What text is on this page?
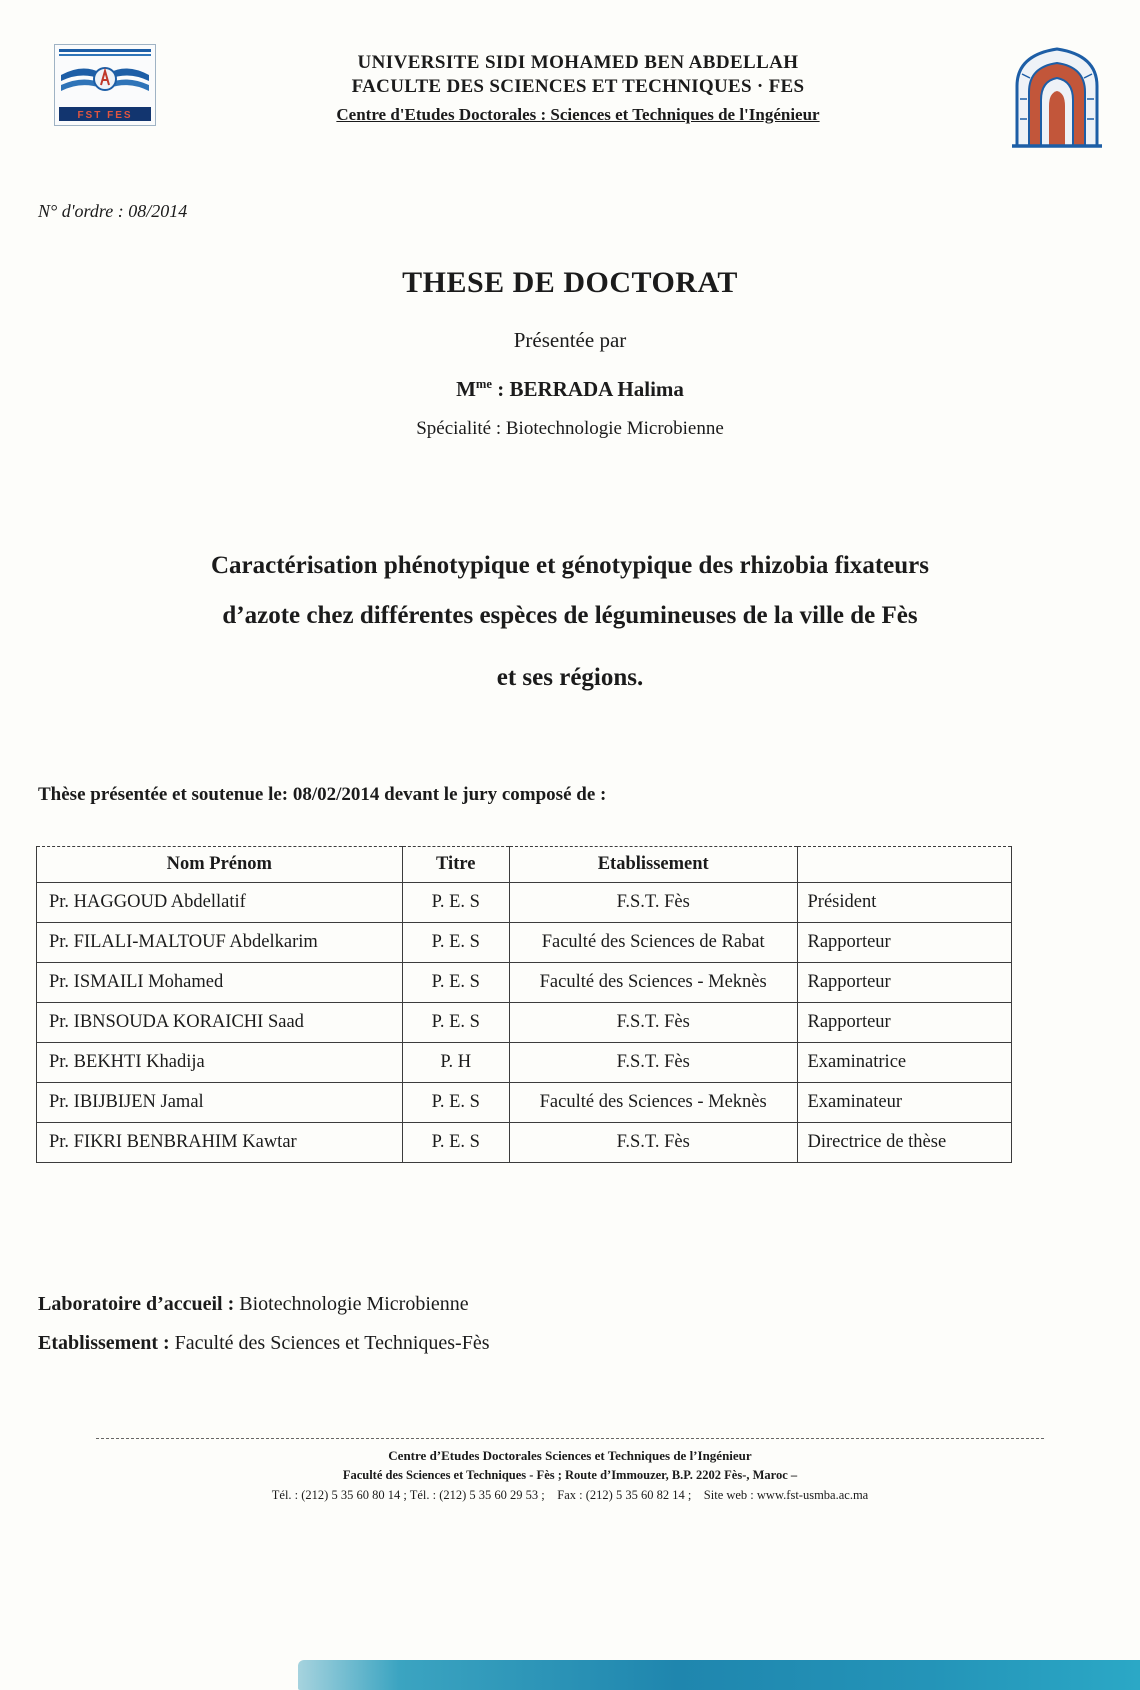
FST FES
UNIVERSITE SIDI MOHAMED BEN ABDELLAH
FACULTE DES SCIENCES ET TECHNIQUES · FES
Centre d'Etudes Doctorales : Sciences et Techniques de l'Ingénieur
N° d'ordre : 08/2014
THESE DE DOCTORAT
Présentée par
$M^{me}$ : BERRADA Halima
Spécialité : Biotechnologie Microbienne
Caractérisation phénotypique et génotypique des rhizobia fixateurs
d’azote chez différentes espèces de légumineuses de la ville de Fès
et ses régions.
Thèse présentée et soutenue le: 08/02/2014 devant le jury composé de :
Nom Prénom	Titre	Etablissement	
Pr. HAGGOUD Abdellatif	P. E. S	F.S.T. Fès	Président
Pr. FILALI-MALTOUF Abdelkarim	P. E. S	Faculté des Sciences de Rabat	Rapporteur
Pr. ISMAILI Mohamed	P. E. S	Faculté des Sciences - Meknès	Rapporteur
Pr. IBNSOUDA KORAICHI Saad	P. E. S	F.S.T. Fès	Rapporteur
Pr. BEKHTI Khadija	P. H	F.S.T. Fès	Examinatrice
Pr. IBIJBIJEN Jamal	P. E. S	Faculté des Sciences - Meknès	Examinateur
Pr. FIKRI BENBRAHIM Kawtar	P. E. S	F.S.T. Fès	Directrice de thèse
Laboratoire d’accueil : Biotechnologie Microbienne
Etablissement : Faculté des Sciences et Techniques-Fès
Centre d’Etudes Doctorales Sciences et Techniques de l’Ingénieur
Faculté des Sciences et Techniques - Fès ; Route d’Immouzer, B.P. 2202 Fès-, Maroc –
Tél. : (212) 5 35 60 80 14 ; Tél. : (212) 5 35 60 29 53 ;    Fax : (212) 5 35 60 82 14 ;    Site web : www.fst-usmba.ac.ma
